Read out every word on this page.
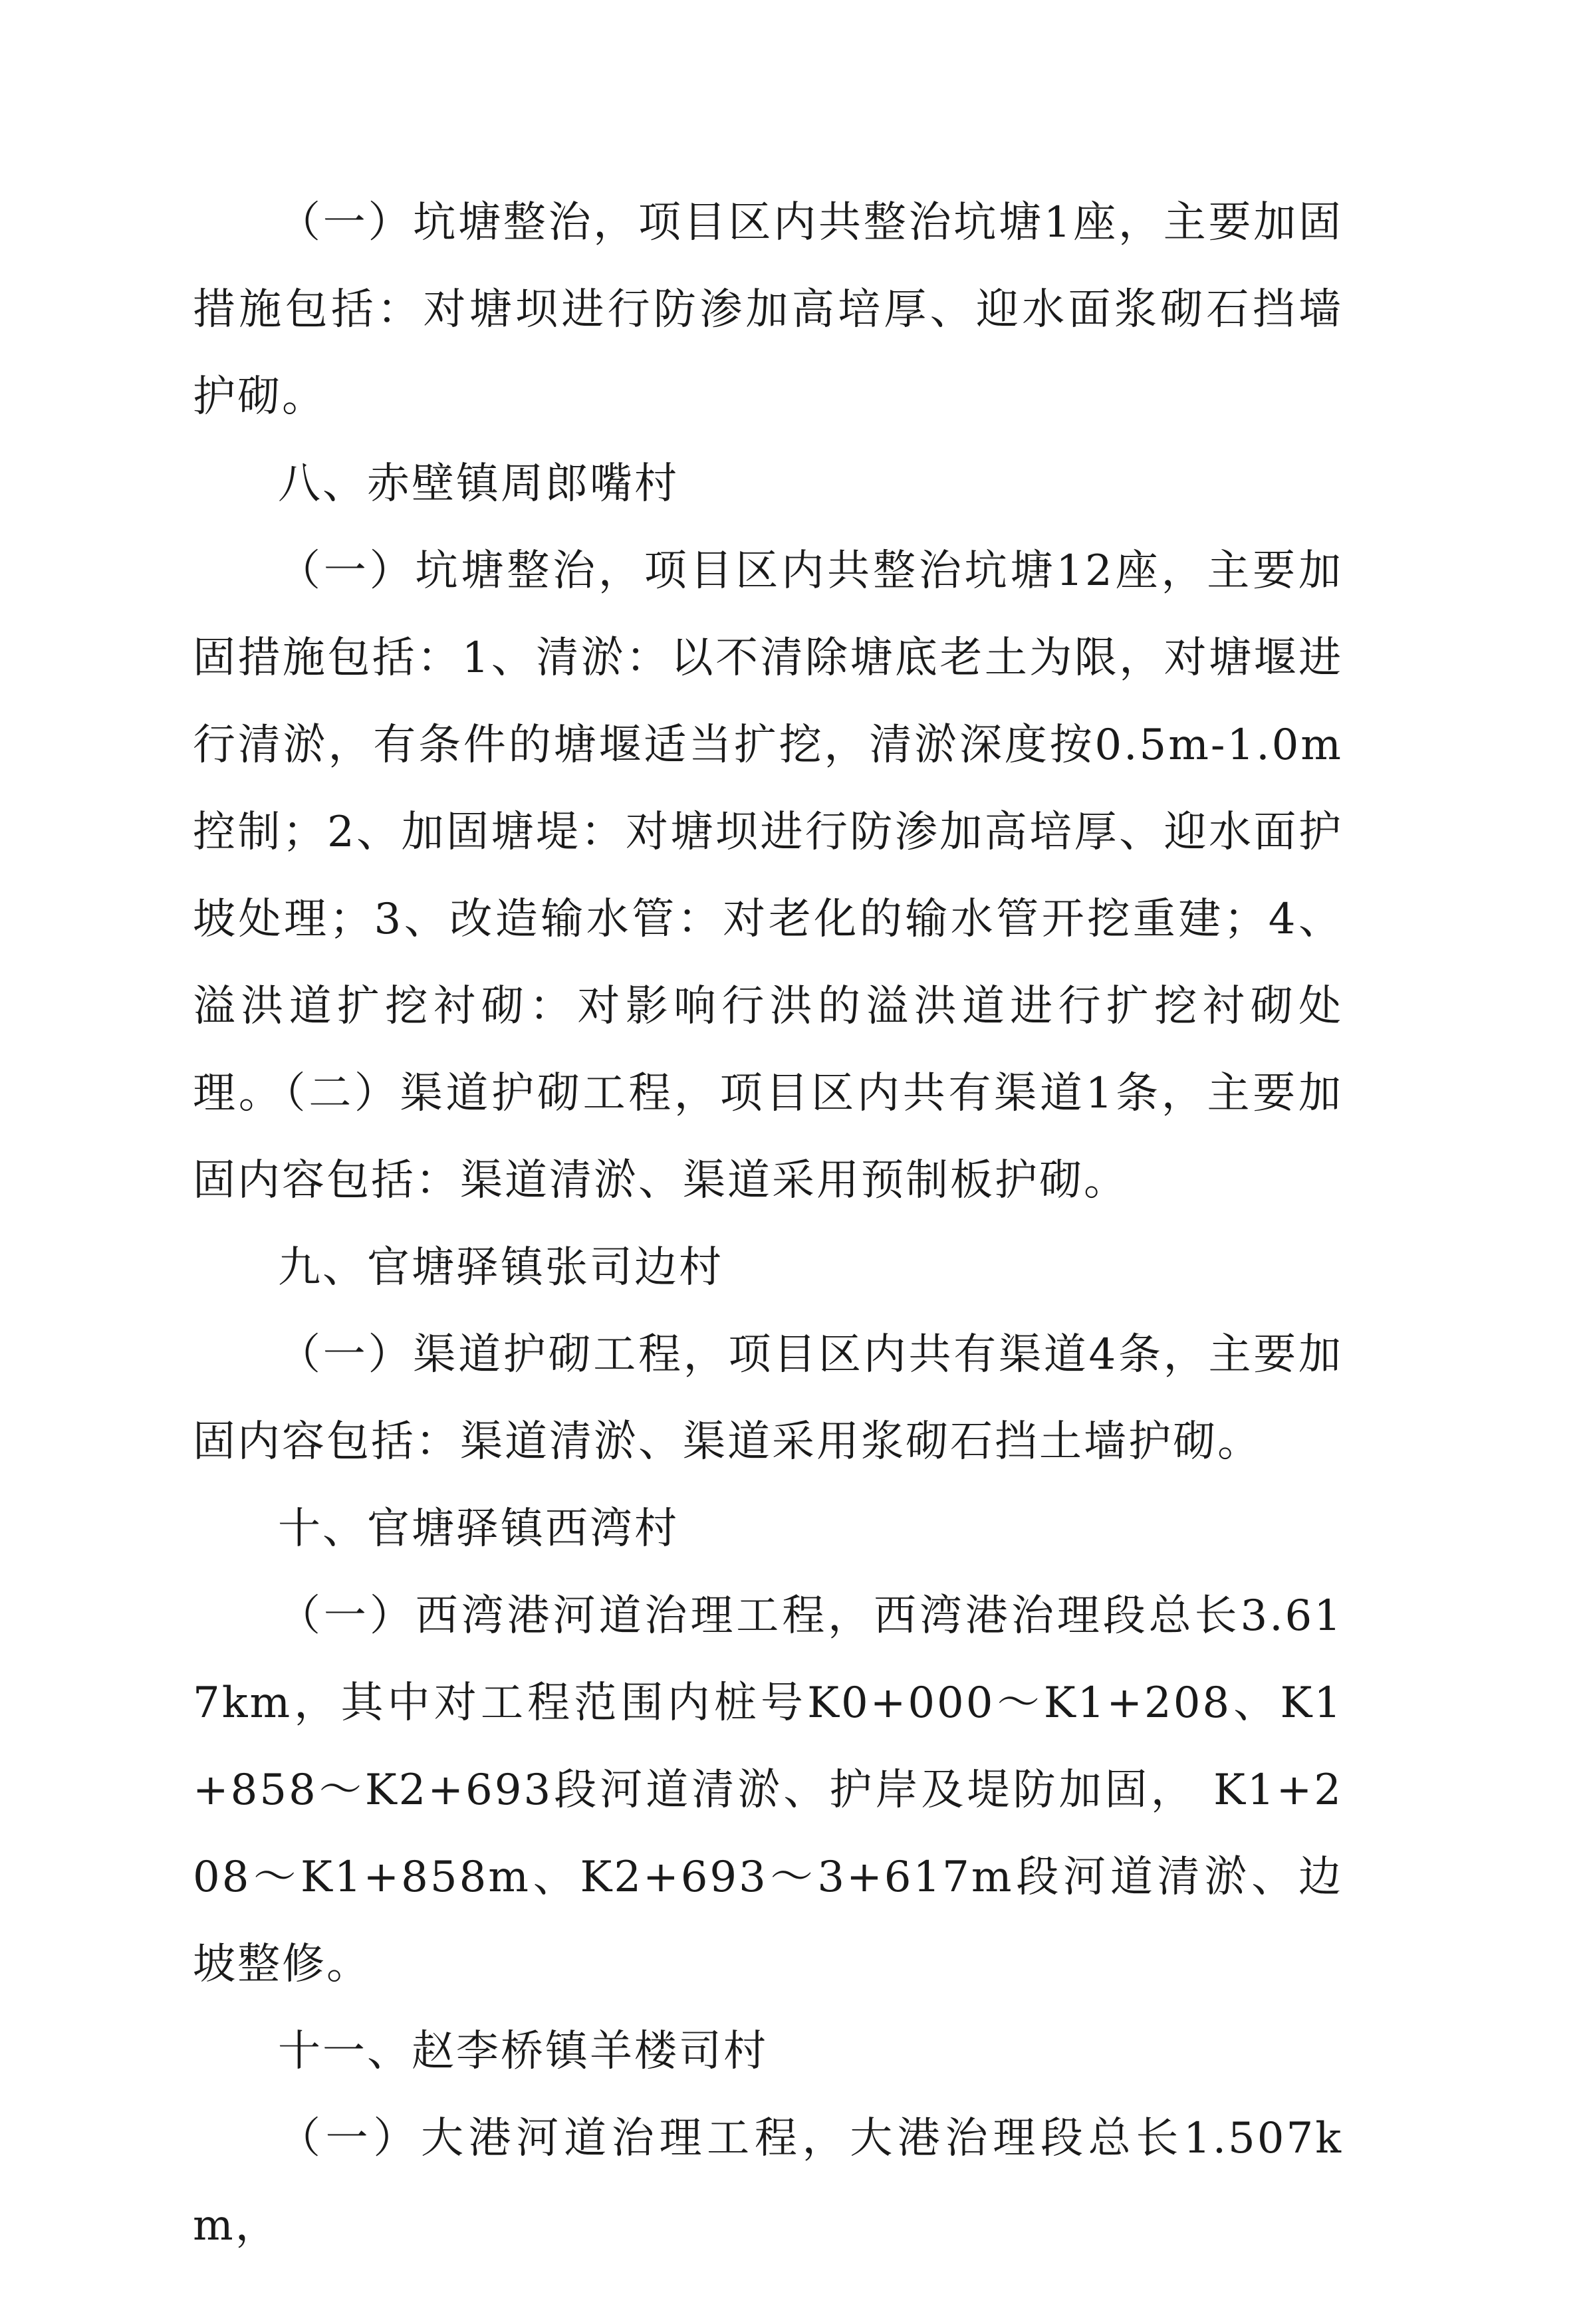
（一）坑塘整治，项目区内共整治坑塘1座，主要加固措施包括：对塘坝进行防渗加高培厚、迎水面浆砌石挡墙护砌。

八、赤壁镇周郎嘴村

（一）坑塘整治，项目区内共整治坑塘12座，主要加固措施包括：1、清淤：以不清除塘底老土为限，对塘堰进行清淤，有条件的塘堰适当扩挖，清淤深度按0.5m-1.0m控制；2、加固塘堤：对塘坝进行防渗加高培厚、迎水面护坡处理；3、改造输水管：对老化的输水管开挖重建；4、溢洪道扩挖衬砌：对影响行洪的溢洪道进行扩挖衬砌处理。（二）渠道护砌工程，项目区内共有渠道1条，主要加固内容包括：渠道清淤、渠道采用预制板护砌。

九、官塘驿镇张司边村

（一）渠道护砌工程，项目区内共有渠道4条，主要加固内容包括：渠道清淤、渠道采用浆砌石挡土墙护砌。

十、官塘驿镇西湾村

（一）西湾港河道治理工程，西湾港治理段总长3.617km，其中对工程范围内桩号K0+000～K1+208、K1+858～K2+693段河道清淤、护岸及堤防加固， K1+208～K1+858m、K2+693～3+617m段河道清淤、边坡整修。

十一、赵李桥镇羊楼司村

（一）大港河道治理工程，大港治理段总长1.507km，
